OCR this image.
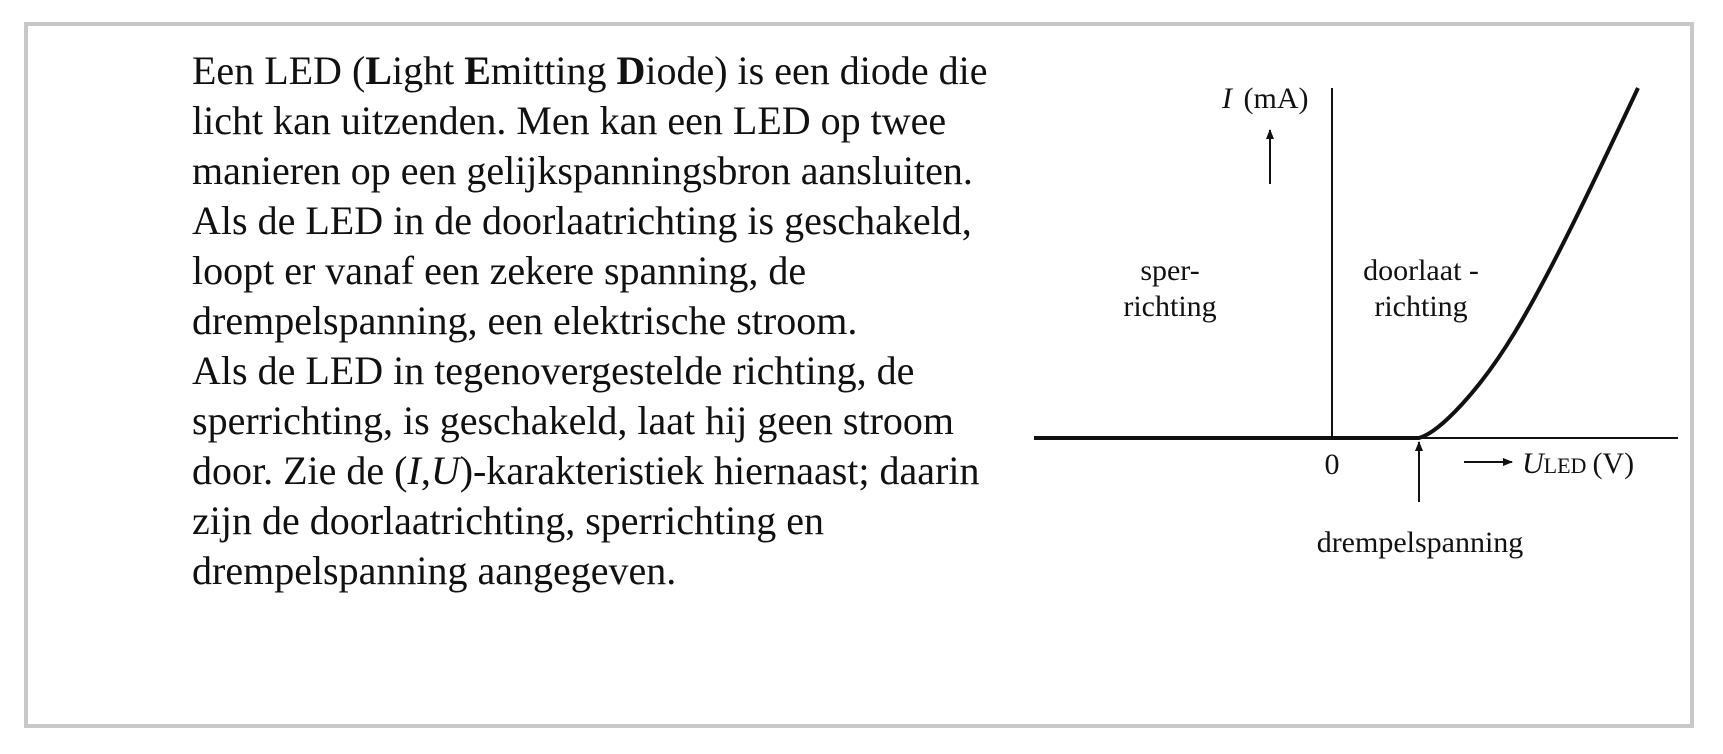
Een LED (Light Emitting Diode) is een diode die licht kan uitzenden. Men kan een LED op twee manieren op een gelijkspanningsbron aansluiten.

Als de LED in de doorlaatrichting is geschakeld, loopt er vanaf een zekere spanning, de drempelspanning, een elektrische stroom.

Als de LED in tegenovergestelde richting, de sperrichting, is geschakeld, laat hij geen stroom door. Zie de (I,U)-karakteristiek hiernaast; daarin zijn de doorlaatrichting, sperrichting en drempelspanning aangegeven.

I (mA)
sper-
richting
doorlaat -
richting
0	ULED (V)
drempelspanning
